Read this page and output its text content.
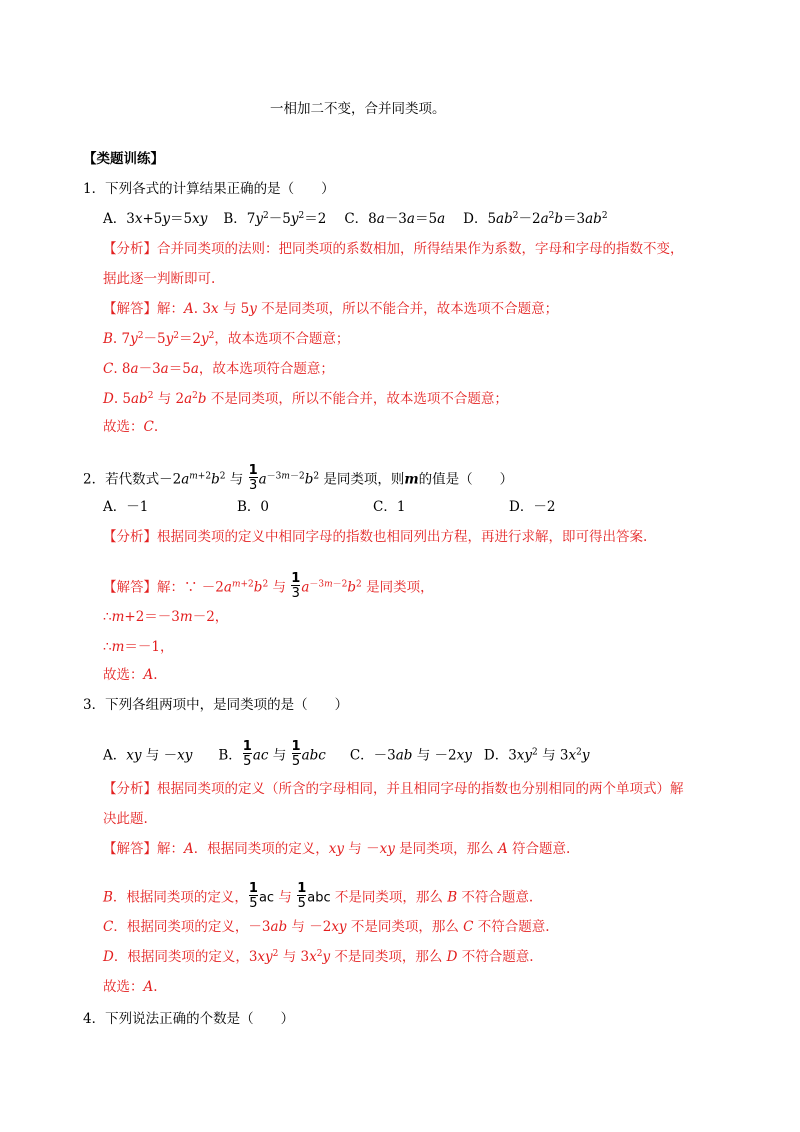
一相加二不变，合并同类项。
【类题训练】
1．下列各式的计算结果正确的是（　　）
A．3x+5y＝5xy B．$7y^2-5y^2=2$ C．8a－3a＝5a D．$5ab^2-2a^2b=3ab^2$
【分析】合并同类项的法则：把同类项的系数相加，所得结果作为系数，字母和字母的指数不变，
据此逐一判断即可.
【解答】解：A. 3x 与 5y 不是同类项，所以不能合并，故本选项不合题意；
B. $7y^2-5y^2=2y^2$，故本选项不合题意；
C. 8a－3a＝5a，故本选项符合题意；
D. $5ab^2$ 与 $2a^2b$ 不是同类项，所以不能合并，故本选项不合题意；
故选：C.
2．若代数式$-2a^{m+2}b^2$ 与 $\frac{1}{3} a^{-3m-2}b^2$ 是同类项，则m的值是（　　）
A．－1	B．0	C．1	D．－2
【分析】根据同类项的定义中相同字母的指数也相同列出方程，再进行求解，即可得出答案.
【解答】解：∵ $-2a^{m+2}b^2$ 与 $\frac{1}{3} a^{-3m-2}b^2$ 是同类项，
∴m+2＝－3m－2，
∴m＝－1，
故选：A.
3．下列各组两项中，是同类项的是（　　）
A．xy 与 －xy B． $\frac{1}{5}$ ac 与 $\frac{1}{5}$ abc C．－3ab 与 －2xy D．$3xy^2$ 与 $3x^2y$
【分析】根据同类项的定义（所含的字母相同，并且相同字母的指数也分别相同的两个单项式）解
决此题.
【解答】解：A．根据同类项的定义，xy 与 －xy 是同类项，那么 A 符合题意.
B．根据同类项的定义， $\frac{1}{5}$ ac 与 $\frac{1}{5}$ abc 不是同类项，那么 B 不符合题意.
C．根据同类项的定义，－3ab 与 －2xy 不是同类项，那么 C 不符合题意.
D．根据同类项的定义，$3xy^2$ 与 $3x^2y$ 不是同类项，那么 D 不符合题意.
故选：A.
4．下列说法正确的个数是（　　）
